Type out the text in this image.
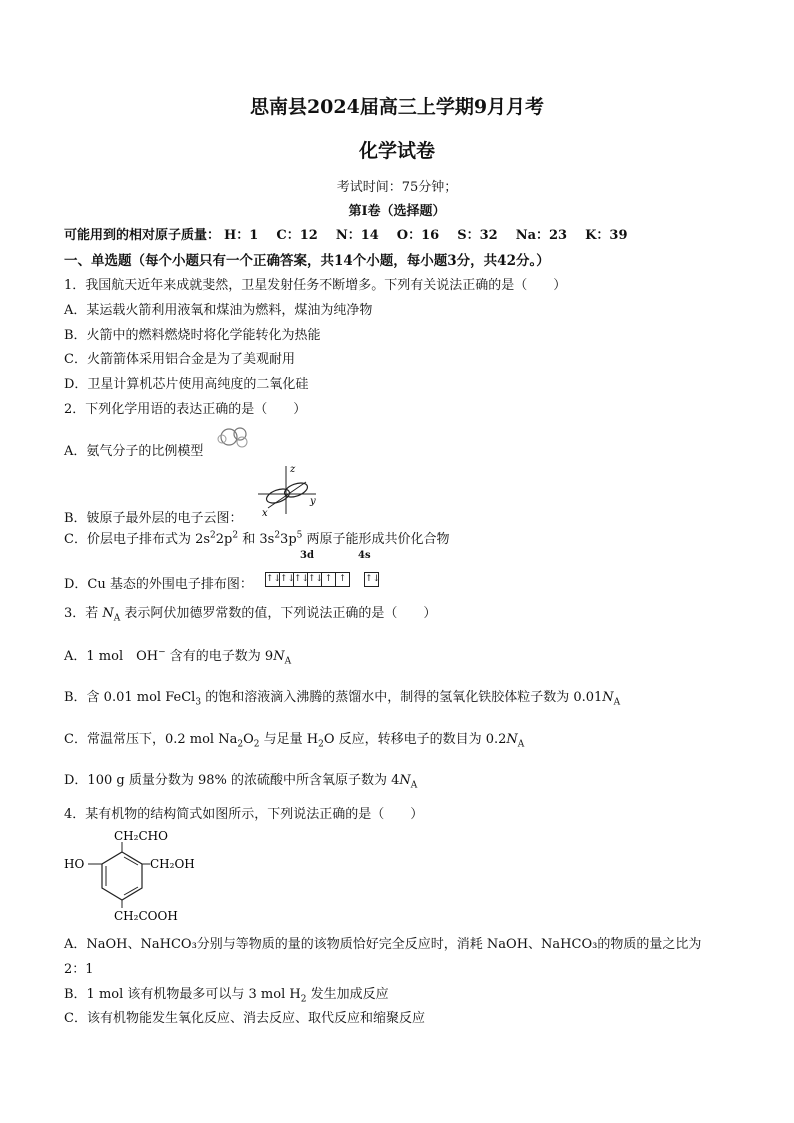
思南县2024届高三上学期9月月考
化学试卷
考试时间：75分钟；
第Ⅰ卷（选择题）
可能用到的相对原子质量： H：1 C：12 N：14 O：16 S：32 Na：23 K：39
一、单选题（每个小题只有一个正确答案，共14个小题，每小题3分，共42分。）
1．我国航天近年来成就斐然，卫星发射任务不断增多。下列有关说法正确的是（　　）
A．某运载火箭利用液氧和煤油为燃料，煤油为纯净物
B．火箭中的燃料燃烧时将化学能转化为热能
C．火箭箭体采用铝合金是为了美观耐用
D．卫星计算机芯片使用高纯度的二氧化硅
2．下列化学用语的表达正确的是（　　）
A．氨气分子的比例模型
z
y
x
B．铍原子最外层的电子云图：
C．价层电子排布式为 $2s^22p^2$ 和 $3s^23p^5$ 两原子能形成共价化合物
3d	4s
↑↓↑↓↑↓↑↓ ↑ ↑ ↑↓
D．Cu 基态的外围电子排布图：
3．若 $N_A$ 表示阿伏加德罗常数的值，下列说法正确的是（　　）
A．1 mol　OH− 含有的电子数为 $9N_A$
B．含 0.01 mol FeCl$_3$ 的饱和溶液滴入沸腾的蒸馏水中，制得的氢氧化铁胶体粒子数为 $0.01N_A$
C．常温常压下，0.2 mol $Na_2O_2$ 与足量 $H_2O$ 反应，转移电子的数目为 $0.2N_A$
D．100 g 质量分数为 98% 的浓硫酸中所含氧原子数为 $4N_A$
4．某有机物的结构简式如图所示，下列说法正确的是（　　）
CH₂CHO
HO	CH₂OH
CH₂COOH
A．NaOH、NaHCO₃分别与等物质的量的该物质恰好完全反应时，消耗 NaOH、NaHCO₃的物质的量之比为
2：1
B．1 mol 该有机物最多可以与 3 mol $H_2$ 发生加成反应
C．该有机物能发生氧化反应、消去反应、取代反应和缩聚反应
